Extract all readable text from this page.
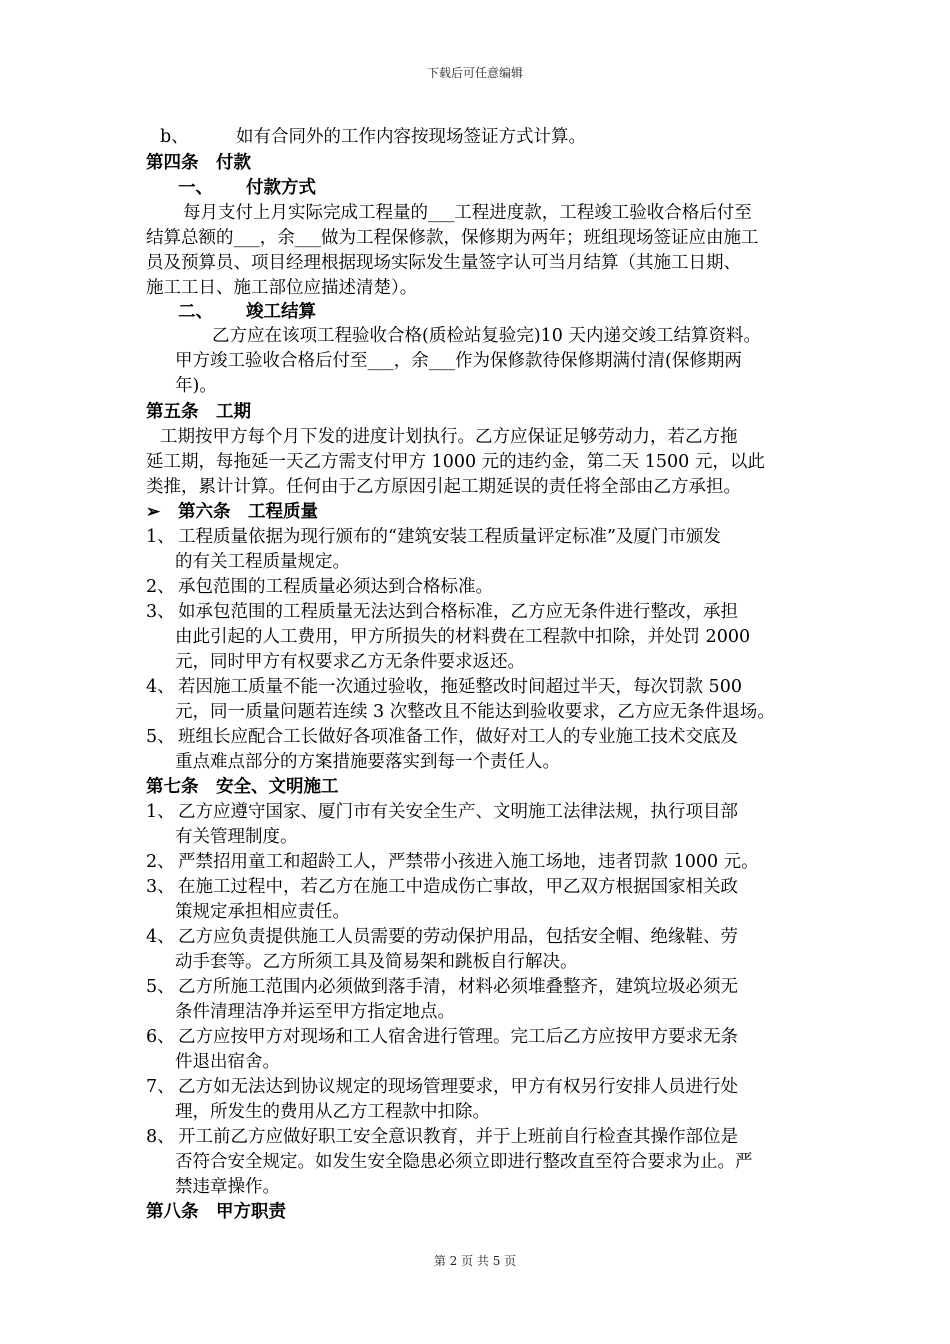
下载后可任意编辑
b、	如有合同外的工作内容按现场签证方式计算。
第四条　付款
一、 付款方式
每月支付上月实际完成工程量的___工程进度款，工程竣工验收合格后付至
结算总额的___，余___做为工程保修款，保修期为两年；班组现场签证应由施工
员及预算员、项目经理根据现场实际发生量签字认可当月结算（其施工日期、
施工工日、施工部位应描述清楚）。
二、 竣工结算
乙方应在该项工程验收合格(质检站复验完)10 天内递交竣工结算资料。
甲方竣工验收合格后付至___，余___作为保修款待保修期满付清(保修期两
年)。
第五条　工期
工期按甲方每个月下发的进度计划执行。乙方应保证足够劳动力，若乙方拖
延工期，每拖延一天乙方需支付甲方 1000 元的违约金，第二天 1500 元，以此
类推，累计计算。任何由于乙方原因引起工期延误的责任将全部由乙方承担。
➢ 第六条　工程质量
1、 工程质量依据为现行颁布的“建筑安装工程质量评定标准”及厦门市颁发
的有关工程质量规定。
2、 承包范围的工程质量必须达到合格标准。
3、 如承包范围的工程质量无法达到合格标准，乙方应无条件进行整改，承担
由此引起的人工费用，甲方所损失的材料费在工程款中扣除，并处罚 2000
元，同时甲方有权要求乙方无条件要求返还。
4、 若因施工质量不能一次通过验收，拖延整改时间超过半天，每次罚款 500
元，同一质量问题若连续 3 次整改且不能达到验收要求，乙方应无条件退场。
5、 班组长应配合工长做好各项准备工作，做好对工人的专业施工技术交底及
重点难点部分的方案措施要落实到每一个责任人。
第七条　安全、文明施工
1、 乙方应遵守国家、厦门市有关安全生产、文明施工法律法规，执行项目部
有关管理制度。
2、 严禁招用童工和超龄工人，严禁带小孩进入施工场地，违者罚款 1000 元。
3、 在施工过程中，若乙方在施工中造成伤亡事故，甲乙双方根据国家相关政
策规定承担相应责任。
4、 乙方应负责提供施工人员需要的劳动保护用品，包括安全帽、绝缘鞋、劳
动手套等。乙方所须工具及简易架和跳板自行解决。
5、 乙方所施工范围内必须做到落手清，材料必须堆叠整齐，建筑垃圾必须无
条件清理洁净并运至甲方指定地点。
6、 乙方应按甲方对现场和工人宿舍进行管理。完工后乙方应按甲方要求无条
件退出宿舍。
7、 乙方如无法达到协议规定的现场管理要求，甲方有权另行安排人员进行处
理，所发生的费用从乙方工程款中扣除。
8、 开工前乙方应做好职工安全意识教育，并于上班前自行检查其操作部位是
否符合安全规定。如发生安全隐患必须立即进行整改直至符合要求为止。严
禁违章操作。
第八条　甲方职责
第 2 页 共 5 页
